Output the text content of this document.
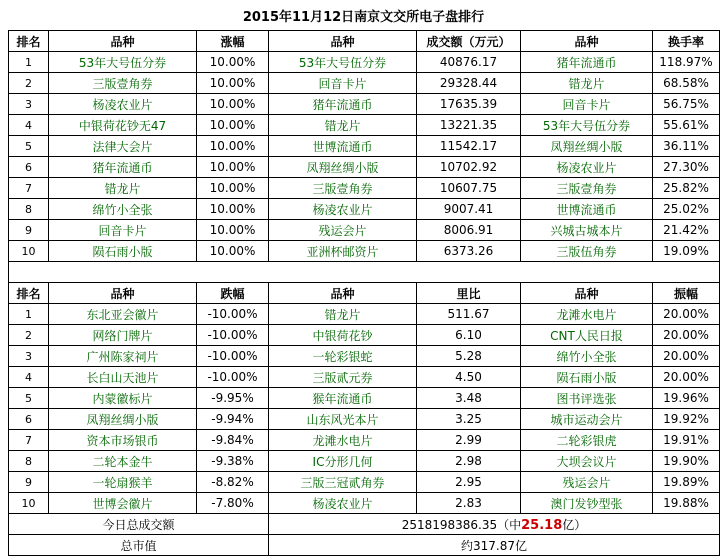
2015年11月12日南京文交所电子盘排行
排名	品种	涨幅	品种	成交额（万元）	品种	换手率
1	53年大号伍分券	10.00%	53年大号伍分券	40876.17	猪年流通币	118.97%
2	三版壹角券	10.00%	回音卡片	29328.44	错龙片	68.58%
3	杨凌农业片	10.00%	猪年流通币	17635.39	回音卡片	56.75%
4	中银荷花钞无47	10.00%	错龙片	13221.35	53年大号伍分券	55.61%
5	法律大会片	10.00%	世博流通币	11542.17	凤翔丝绸小版	36.11%
6	猪年流通币	10.00%	凤翔丝绸小版	10702.92	杨凌农业片	27.30%
7	错龙片	10.00%	三版壹角券	10607.75	三版壹角券	25.82%
8	绵竹小全张	10.00%	杨凌农业片	9007.41	世博流通币	25.02%
9	回音卡片	10.00%	残运会片	8006.91	兴城古城本片	21.42%
10	陨石雨小版	10.00%	亚洲杯邮资片	6373.26	三版伍角券	19.09%

排名	品种	跌幅	品种	里比	品种	振幅
1	东北亚会徽片	-10.00%	错龙片	511.67	龙滩水电片	20.00%
2	网络门牌片	-10.00%	中银荷花钞	6.10	CNT人民日报	20.00%
3	广州陈家祠片	-10.00%	一轮彩银蛇	5.28	绵竹小全张	20.00%
4	长白山天池片	-10.00%	三版贰元券	4.50	陨石雨小版	20.00%
5	内蒙徽标片	-9.95%	猴年流通币	3.48	图书评选张	19.96%
6	凤翔丝绸小版	-9.94%	山东风光本片	3.25	城市运动会片	19.92%
7	资本市场银币	-9.84%	龙滩水电片	2.99	二轮彩银虎	19.91%
8	二轮本金牛	-9.38%	IC分形几何	2.98	大坝会议片	19.90%
9	一轮扇猴羊	-8.82%	三版三冠贰角券	2.95	残运会片	19.89%
10	世博会徽片	-7.80%	杨凌农业片	2.83	澳门发钞型张	19.88%
今日总成交额			2518198386.35（中25.18亿）			
总市值			约317.87亿			
